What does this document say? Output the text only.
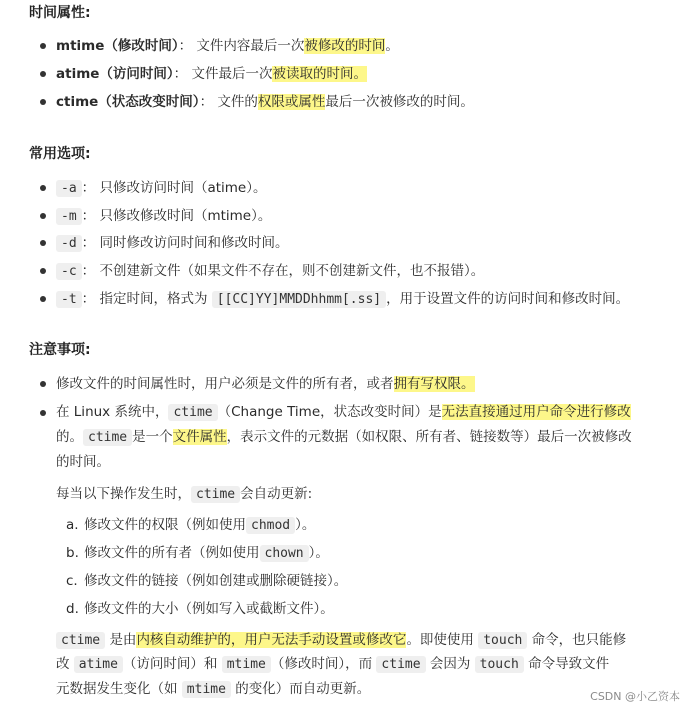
时间属性:
mtime（修改时间）： 文件内容最后一次被修改的时间。
atime（访问时间）： 文件最后一次被读取的时间。
ctime（状态改变时间）： 文件的权限或属性最后一次被修改的时间。
常用选项:
-a ： 只修改访问时间（atime）。
-m ： 只修改修改时间（mtime）。
-d ： 同时修改访问时间和修改时间。
-c ： 不创建新文件（如果文件不存在，则不创建新文件，也不报错）。
-t ： 指定时间，格式为 [[CC]YY]MMDDhhmm[.ss] ，用于设置文件的访问时间和修改时间。
注意事项:
修改文件的时间属性时，用户必须是文件的所有者，或者拥有写权限。
在 Linux 系统中， ctime （Change Time，状态改变时间）是无法直接通过用户命令进行修改
的。 ctime 是一个文件属性，表示文件的元数据（如权限、所有者、链接数等）最后一次被修改
的时间。
每当以下操作发生时， ctime 会自动更新:
a. 修改文件的权限（例如使用 chmod ）。
b. 修改文件的所有者（例如使用 chown ）。
c. 修改文件的链接（例如创建或删除硬链接）。
d. 修改文件的大小（例如写入或截断文件）。
ctime 是由内核自动维护的，用户无法手动设置或修改它。即使使用 touch 命令，也只能修
改 atime （访问时间）和 mtime （修改时间），而 ctime 会因为 touch 命令导致文件
元数据发生变化（如 mtime 的变化）而自动更新。	CSDN @小乙资本
